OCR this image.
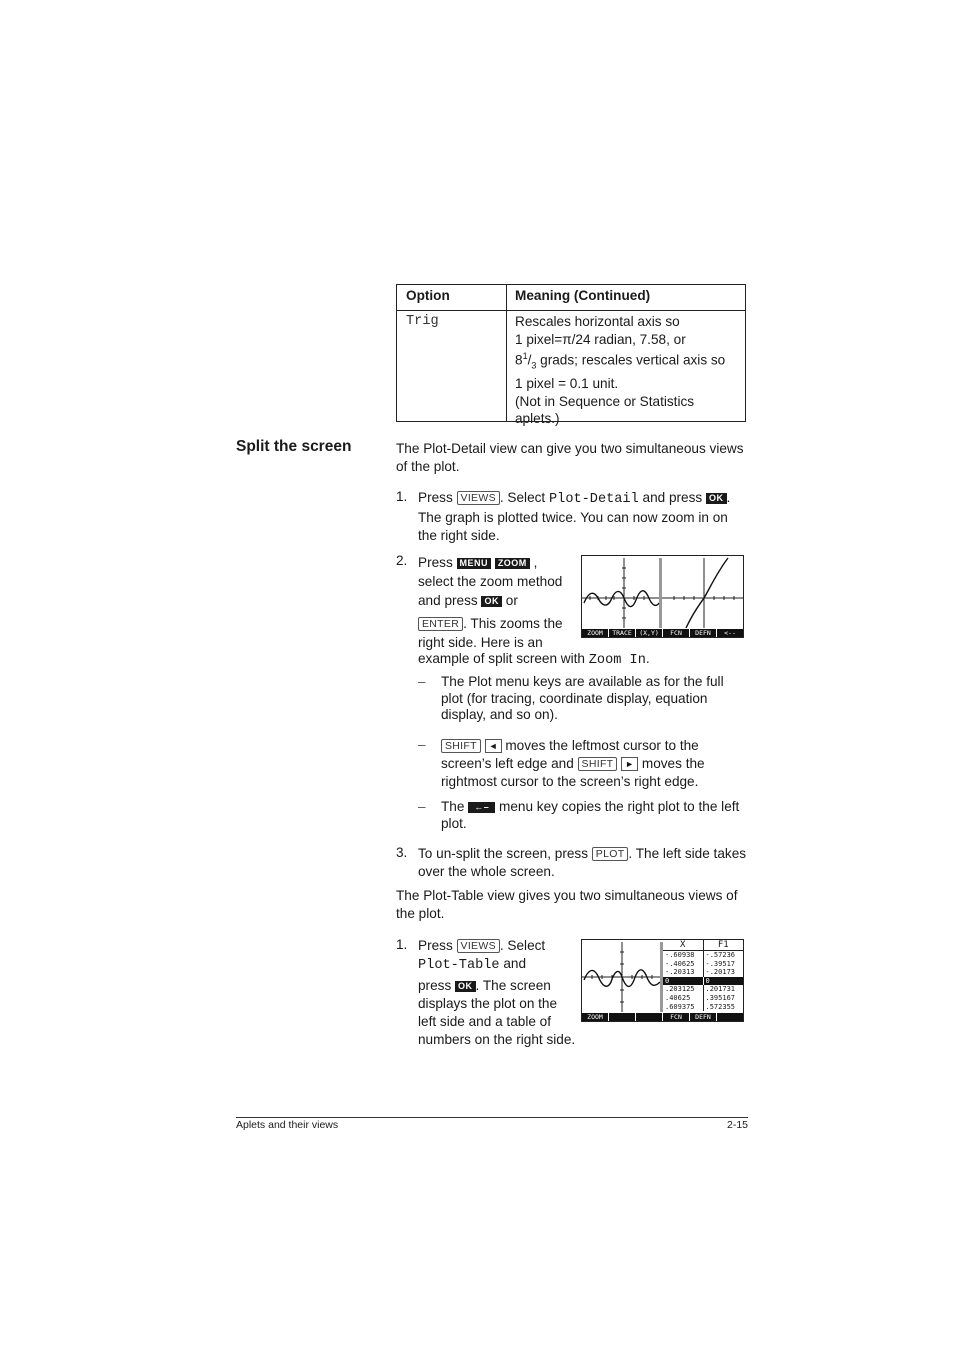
Option	Meaning (Continued)
Trig	Rescales horizontal axis so
1 pixel=π/24 radian, 7.58, or
$8^1/_3$ grads; rescales vertical axis so
1 pixel = 0.1 unit.
(Not in Sequence or Statistics
aplets.)
Split the screen	The Plot-Detail view can give you two simultaneous views of the plot.
1. Press VIEWS . Select Plot-Detail and press OK . The graph is plotted twice. You can now zoom in on the right side.
2. Press MENU ZOOM ,
select the zoom method
and press OK or
ENTER . This zooms the
right side. Here is an
example of split screen with Zoom In.
ZOOM	TRACE	(X,Y)	FCN	DEFN	<--
– The Plot menu keys are available as for the full plot (for tracing, coordinate display, equation display, and so on).
–	SHIFT ◄ moves the leftmost cursor to the screen’s left edge and SHIFT ► moves the rightmost cursor to the screen’s right edge.
– The ←– menu key copies the right plot to the left plot.
3. To un-split the screen, press PLOT . The left side takes over the whole screen.
The Plot-Table view gives you two simultaneous views of the plot.
1. Press VIEWS . Select
Plot-Table and
press OK . The screen
displays the plot on the
left side and a table of
numbers on the right side.
X	F1
-.60938	-.57236
-.40625	-.39517
-.20313	-.20173
0	0
.203125	.201731
.40625	.395167
.609375	.572355
ZOOM	FCN	DEFN
Aplets and their views	2-15
